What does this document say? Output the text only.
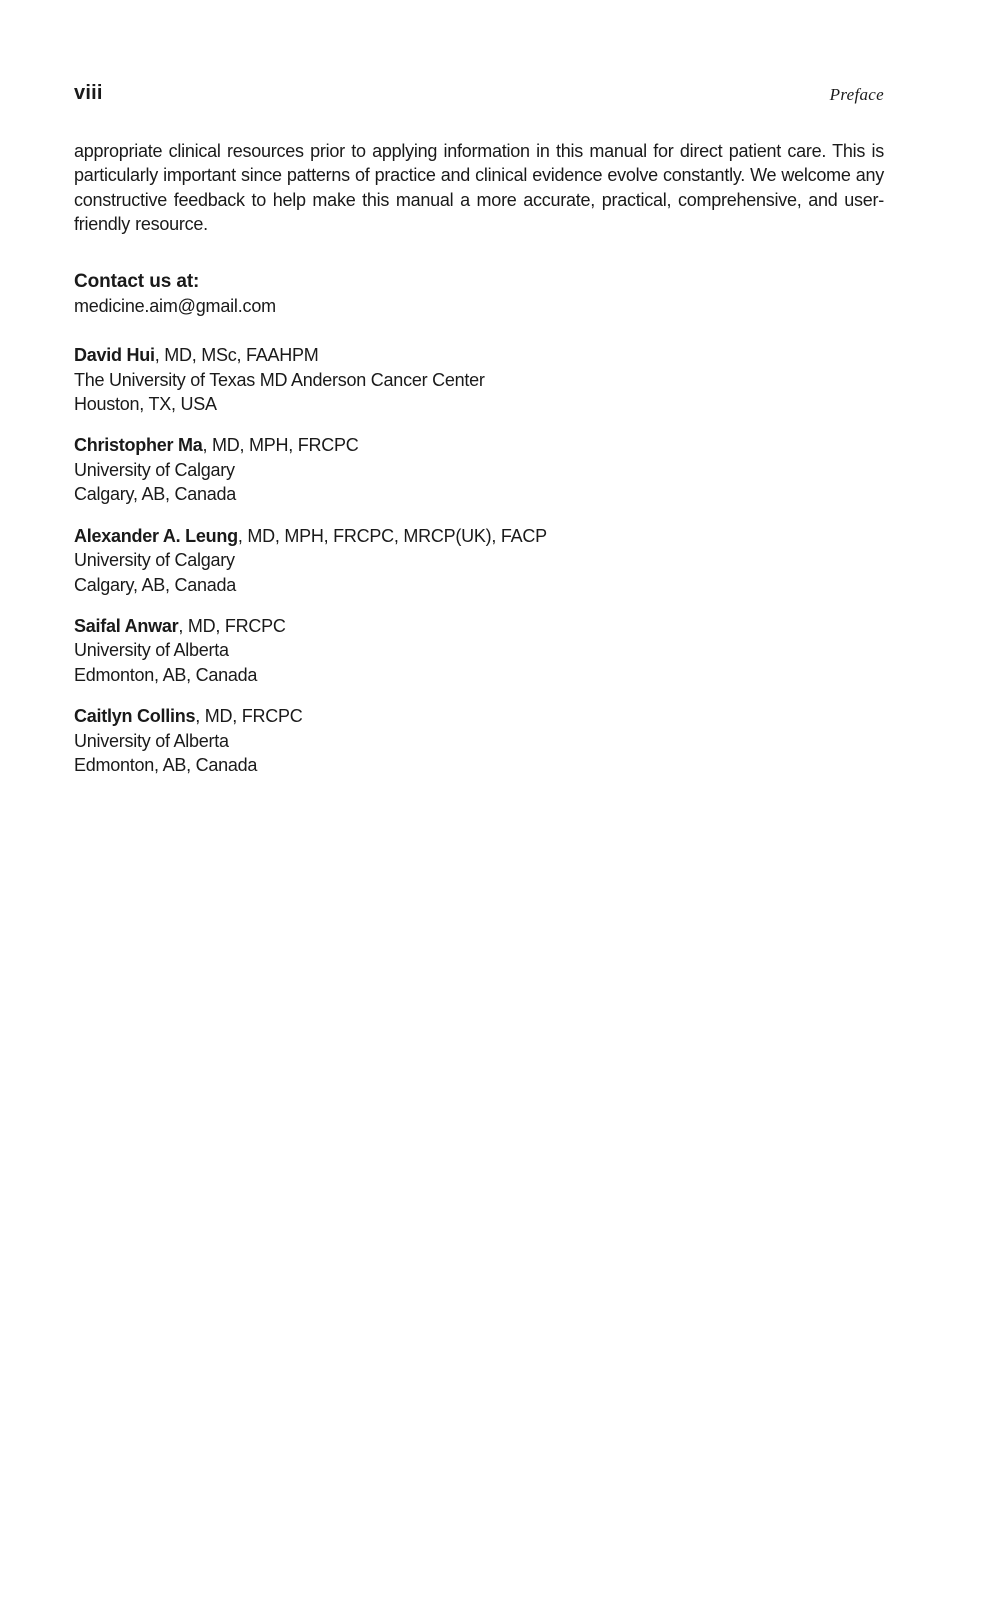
viii	Preface

appropriate clinical resources prior to applying information in this manual for direct patient care. This is particularly important since patterns of practice and clinical evidence evolve constantly. We welcome any constructive feedback to help make this manual a more accurate, practical, comprehensive, and user-friendly resource.

Contact us at:
medicine.aim@gmail.com
David Hui, MD, MSc, FAAHPM
The University of Texas MD Anderson Cancer Center
Houston, TX, USA
Christopher Ma, MD, MPH, FRCPC
University of Calgary
Calgary, AB, Canada
Alexander A. Leung, MD, MPH, FRCPC, MRCP(UK), FACP
University of Calgary
Calgary, AB, Canada
Saifal Anwar, MD, FRCPC
University of Alberta
Edmonton, AB, Canada
Caitlyn Collins, MD, FRCPC
University of Alberta
Edmonton, AB, Canada
